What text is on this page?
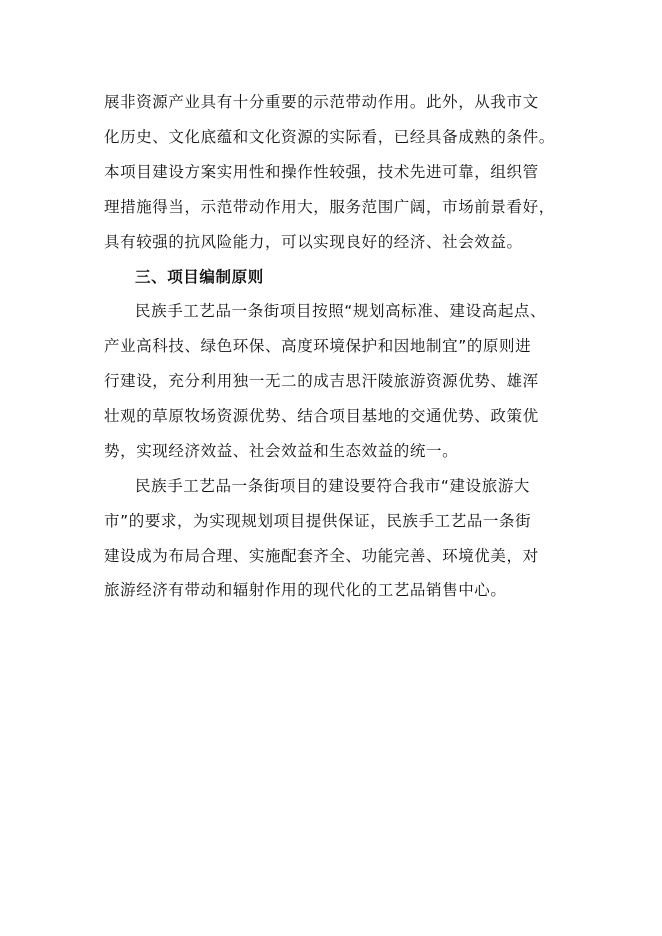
展非资源产业具有十分重要的示范带动作用。此外，从我市文
化历史、文化底蕴和文化资源的实际看，已经具备成熟的条件。
本项目建设方案实用性和操作性较强，技术先进可靠，组织管
理措施得当，示范带动作用大，服务范围广阔，市场前景看好，
具有较强的抗风险能力，可以实现良好的经济、社会效益。
三、项目编制原则
民族手工艺品一条街项目按照“规划高标准、建设高起点、
产业高科技、绿色环保、高度环境保护和因地制宜”的原则进
行建设，充分利用独一无二的成吉思汗陵旅游资源优势、雄浑
壮观的草原牧场资源优势、结合项目基地的交通优势、政策优
势，实现经济效益、社会效益和生态效益的统一。
民族手工艺品一条街项目的建设要符合我市“建设旅游大
市”的要求，为实现规划项目提供保证，民族手工艺品一条街
建设成为布局合理、实施配套齐全、功能完善、环境优美，对
旅游经济有带动和辐射作用的现代化的工艺品销售中心。
